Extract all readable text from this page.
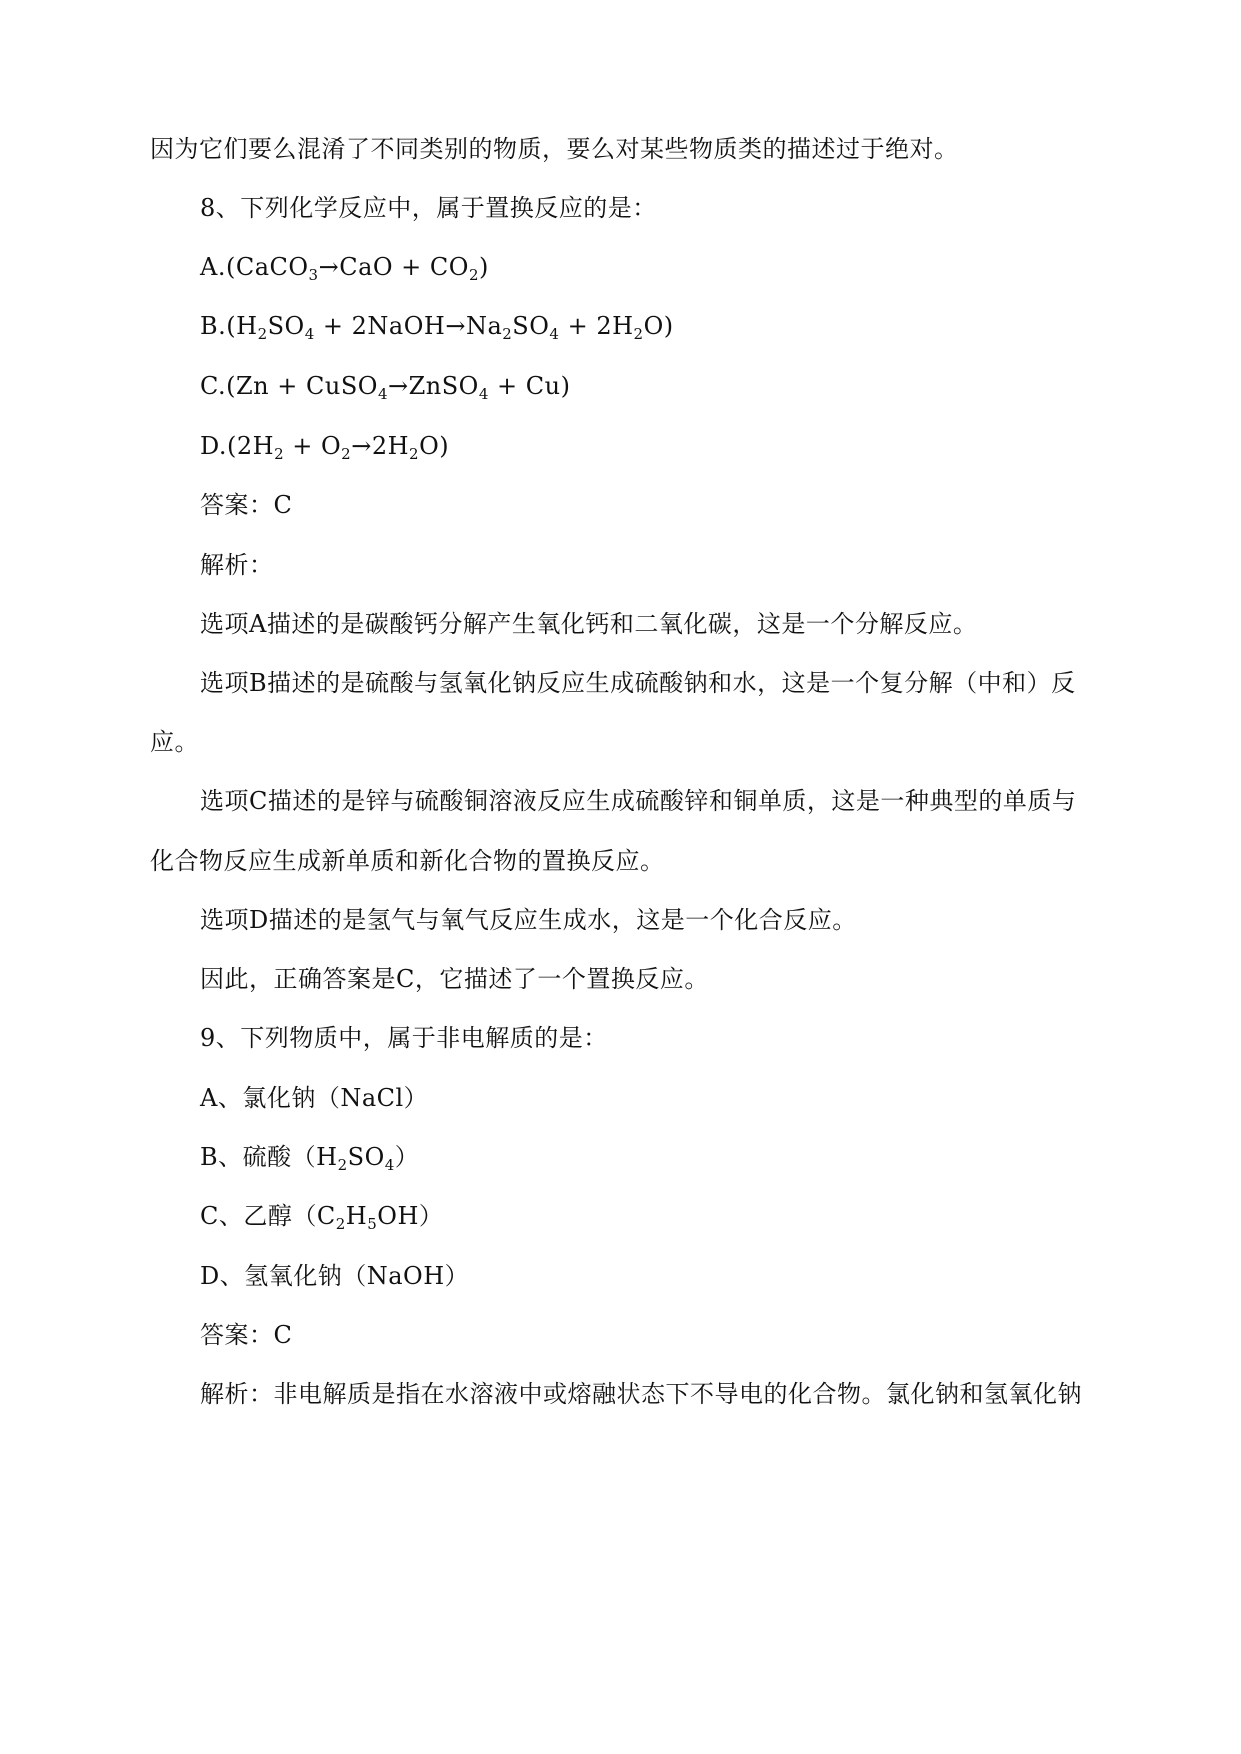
因为它们要么混淆了不同类别的物质，要么对某些物质类的描述过于绝对。
8、下列化学反应中，属于置换反应的是：
A.(CaCO$_3$→CaO + $CO_2$)
$B.(H_2SO_4$ + $2NaOH\to Na_2SO_4 + 2H_2O$)
C.(Zn + CuSO$_4$→ZnSO$_4$ + Cu)
$D.(2H_2 + O_2\to 2H_2O)$
答案：C
解析：
选项A描述的是碳酸钙分解产生氧化钙和二氧化碳，这是一个分解反应。
选项B描述的是硫酸与氢氧化钠反应生成硫酸钠和水，这是一个复分解（中和）反
应。
选项C描述的是锌与硫酸铜溶液反应生成硫酸锌和铜单质，这是一种典型的单质与
化合物反应生成新单质和新化合物的置换反应。
选项D描述的是氢气与氧气反应生成水，这是一个化合反应。
因此，正确答案是C，它描述了一个置换反应。
9、下列物质中，属于非电解质的是：
A、氯化钠（NaCl）
B、硫酸$(H_2SO_4)$
C、乙醇$(C_2H_5OH)$
D、氢氧化钠（NaOH）
答案：C
解析：非电解质是指在水溶液中或熔融状态下不导电的化合物。氯化钠和氢氧化钠
